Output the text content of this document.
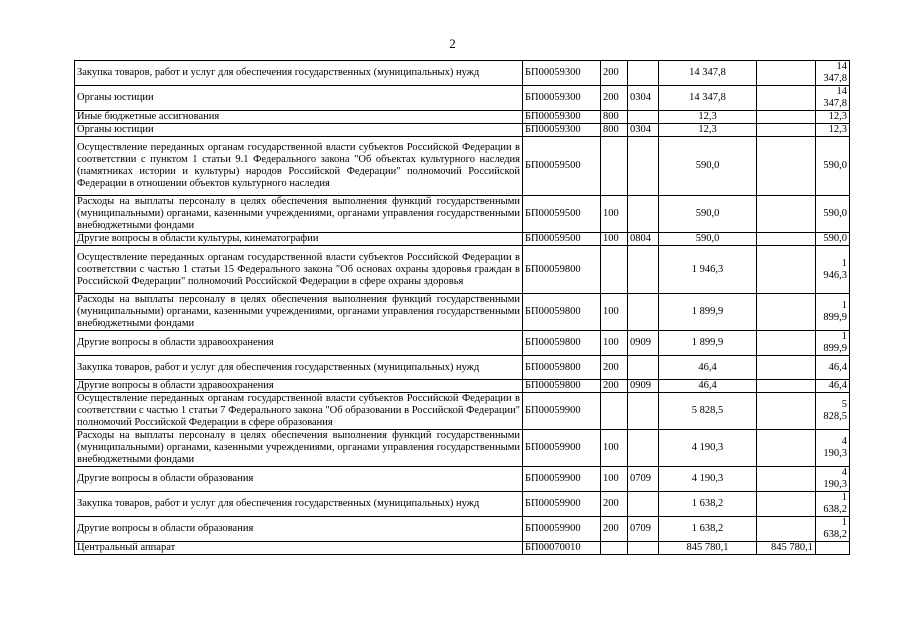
2
Закупка товаров, работ и услуг для обеспечения государственных (муниципальных) нужд	БП00059300	200		14 347,8		14 347,8
Органы юстиции	БП00059300	200	0304	14 347,8		14 347,8
Иные бюджетные ассигнования	БП00059300	800		12,3		12,3
Органы юстиции	БП00059300	800	0304	12,3		12,3
Осуществление переданных органам государственной власти субъектов Российской Федерации в соответствии с пунктом 1 статьи 9.1 Федерального закона "Об объектах культурного наследия (памятниках истории и культуры) народов Российской Федерации" полномочий Российской Федерации в отношении объектов культурного наследия	БП00059500			590,0		590,0
Расходы на выплаты персоналу в целях обеспечения выполнения функций государственными (муниципальными) органами, казенными учреждениями, органами управления государственными внебюджетными фондами	БП00059500	100		590,0		590,0
Другие вопросы в области культуры, кинематографии	БП00059500	100	0804	590,0		590,0
Осуществление переданных органам государственной власти субъектов Российской Федерации в соответствии с частью 1 статьи 15 Федерального закона "Об основах охраны здоровья граждан в Российской Федерации" полномочий Российской Федерации в сфере охраны здоровья	БП00059800			1 946,3		1 946,3
Расходы на выплаты персоналу в целях обеспечения выполнения функций государственными (муниципальными) органами, казенными учреждениями, органами управления государственными внебюджетными фондами	БП00059800	100		1 899,9		1 899,9
Другие вопросы в области здравоохранения	БП00059800	100	0909	1 899,9		1 899,9
Закупка товаров, работ и услуг для обеспечения государственных (муниципальных) нужд	БП00059800	200		46,4		46,4
Другие вопросы в области здравоохранения	БП00059800	200	0909	46,4		46,4
Осуществление переданных органам государственной власти субъектов Российской Федерации в соответствии с частью 1 статьи 7 Федерального закона "Об образовании в Российской Федерации" полномочий Российской Федерации в сфере образования	БП00059900			5 828,5		5 828,5
Расходы на выплаты персоналу в целях обеспечения выполнения функций государственными (муниципальными) органами, казенными учреждениями, органами управления государственными внебюджетными фондами	БП00059900	100		4 190,3		4 190,3
Другие вопросы в области образования	БП00059900	100	0709	4 190,3		4 190,3
Закупка товаров, работ и услуг для обеспечения государственных (муниципальных) нужд	БП00059900	200		1 638,2		1 638,2
Другие вопросы в области образования	БП00059900	200	0709	1 638,2		1 638,2
Центральный аппарат	БП00070010			845 780,1	845 780,1	
